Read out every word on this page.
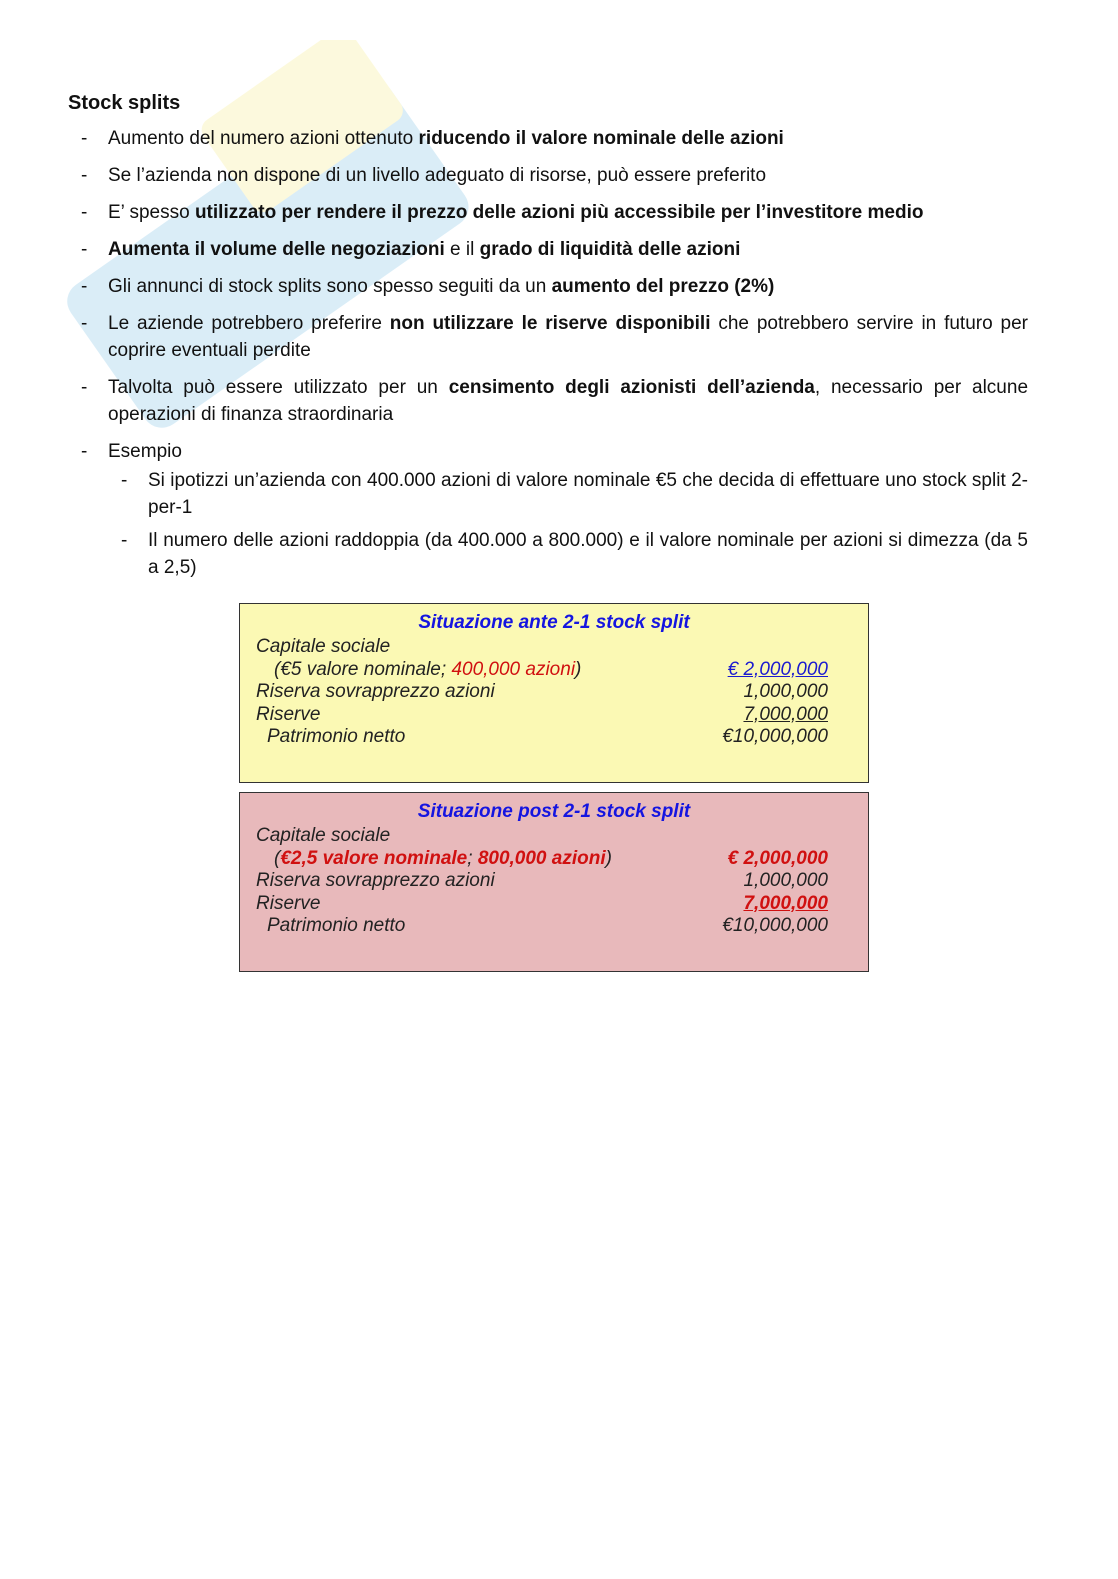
Stock splits
- Aumento del numero azioni ottenuto riducendo il valore nominale delle azioni
- Se l’azienda non dispone di un livello adeguato di risorse, può essere preferito
- E’ spesso utilizzato per rendere il prezzo delle azioni più accessibile per l’investitore medio
- Aumenta il volume delle negoziazioni e il grado di liquidità delle azioni
- Gli annunci di stock splits sono spesso seguiti da un aumento del prezzo (2%)
- Le aziende potrebbero preferire non utilizzare le riserve disponibili che potrebbero servire in futuro per coprire eventuali perdite
- Talvolta può essere utilizzato per un censimento degli azionisti dell’azienda, necessario per alcune operazioni di finanza straordinaria
- Esempio
- Si ipotizzi un’azienda con 400.000 azioni di valore nominale €5 che decida di effettuare uno stock split 2-per-1
- Il numero delle azioni raddoppia (da 400.000 a 800.000) e il valore nominale per azioni si dimezza (da 5 a 2,5)
Situazione ante 2-1 stock split
Capitale sociale
(€5 valore nominale; 400,000 azioni)	€ 2,000,000
Riserva sovrapprezzo azioni	1,000,000
Riserve	7,000,000
Patrimonio netto	€10,000,000
Situazione post 2-1 stock split
Capitale sociale
(€2,5 valore nominale; 800,000 azioni)	€ 2,000,000
Riserva sovrapprezzo azioni	1,000,000
Riserve	7,000,000
Patrimonio netto	€10,000,000
